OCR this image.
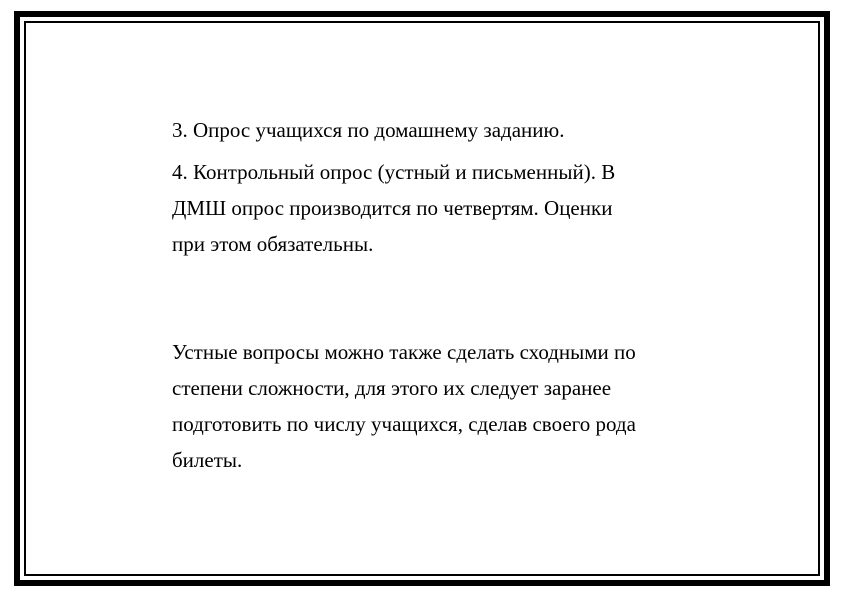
3. Опрос учащихся по домашнему заданию.

4. Контрольный опрос (устный и письменный). В
ДМШ опрос производится по четвертям. Оценки
при этом обязательны.

Устные вопросы можно также сделать сходными по
степени сложности, для этого их следует заранее
подготовить по числу учащихся, сделав своего рода
билеты.
